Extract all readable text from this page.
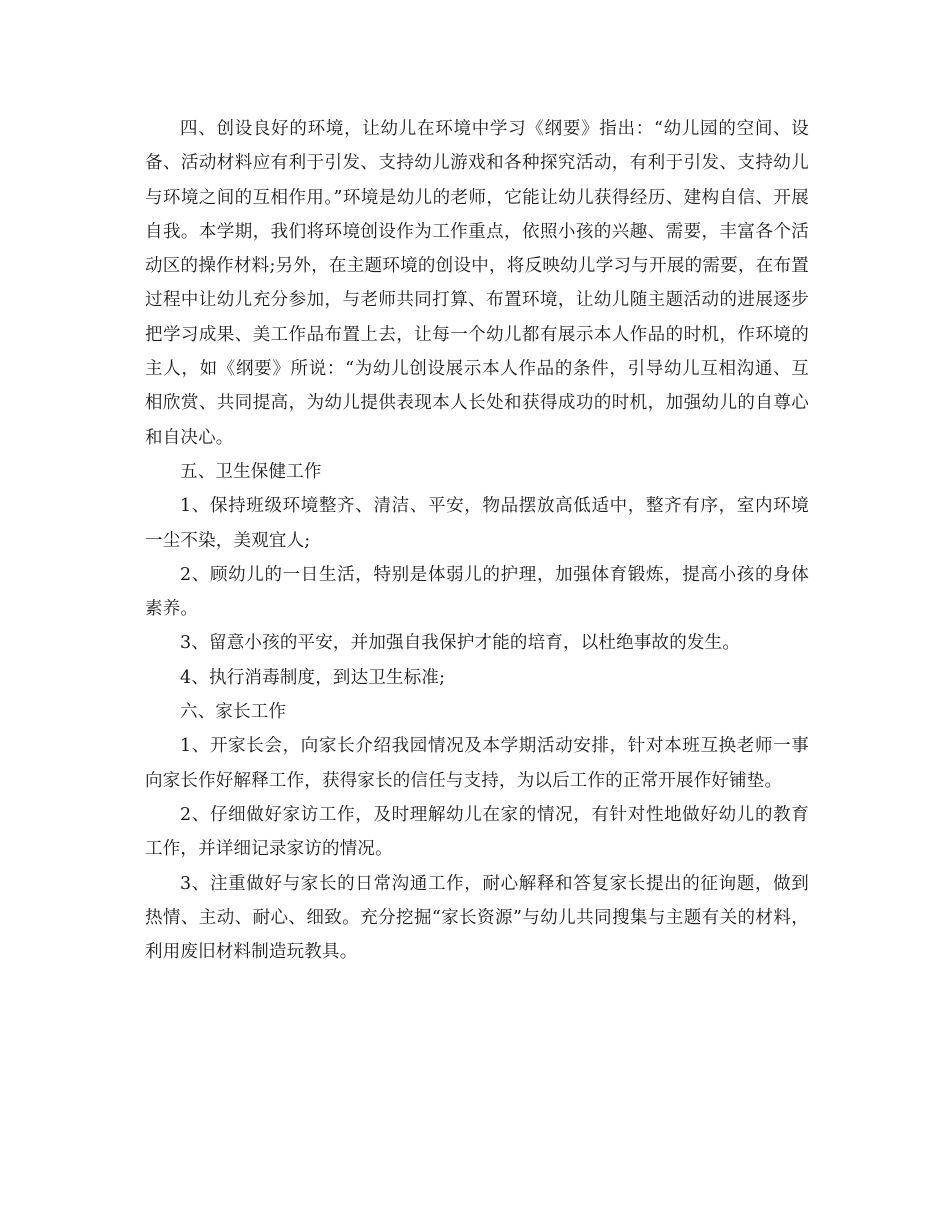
四、创设良好的环境，让幼儿在环境中学习《纲要》指出：“幼儿园的空间、设备、活动材料应有利于引发、支持幼儿游戏和各种探究活动，有利于引发、支持幼儿与环境之间的互相作用。”环境是幼儿的老师，它能让幼儿获得经历、建构自信、开展自我。本学期，我们将环境创设作为工作重点，依照小孩的兴趣、需要，丰富各个活动区的操作材料;另外，在主题环境的创设中，将反映幼儿学习与开展的需要，在布置过程中让幼儿充分参加，与老师共同打算、布置环境，让幼儿随主题活动的进展逐步把学习成果、美工作品布置上去，让每一个幼儿都有展示本人作品的时机，作环境的主人，如《纲要》所说：“为幼儿创设展示本人作品的条件，引导幼儿互相沟通、互相欣赏、共同提高，为幼儿提供表现本人长处和获得成功的时机，加强幼儿的自尊心和自决心。

五、卫生保健工作

1、保持班级环境整齐、清洁、平安，物品摆放高低适中，整齐有序，室内环境一尘不染，美观宜人;

2、顾幼儿的一日生活，特别是体弱儿的护理，加强体育锻炼，提高小孩的身体素养。

3、留意小孩的平安，并加强自我保护才能的培育，以杜绝事故的发生。

4、执行消毒制度，到达卫生标准;

六、家长工作

1、开家长会，向家长介绍我园情况及本学期活动安排，针对本班互换老师一事向家长作好解释工作，获得家长的信任与支持，为以后工作的正常开展作好铺垫。

2、仔细做好家访工作，及时理解幼儿在家的情况，有针对性地做好幼儿的教育工作，并详细记录家访的情况。

3、注重做好与家长的日常沟通工作，耐心解释和答复家长提出的征询题，做到热情、主动、耐心、细致。充分挖掘“家长资源”与幼儿共同搜集与主题有关的材料，利用废旧材料制造玩教具。
